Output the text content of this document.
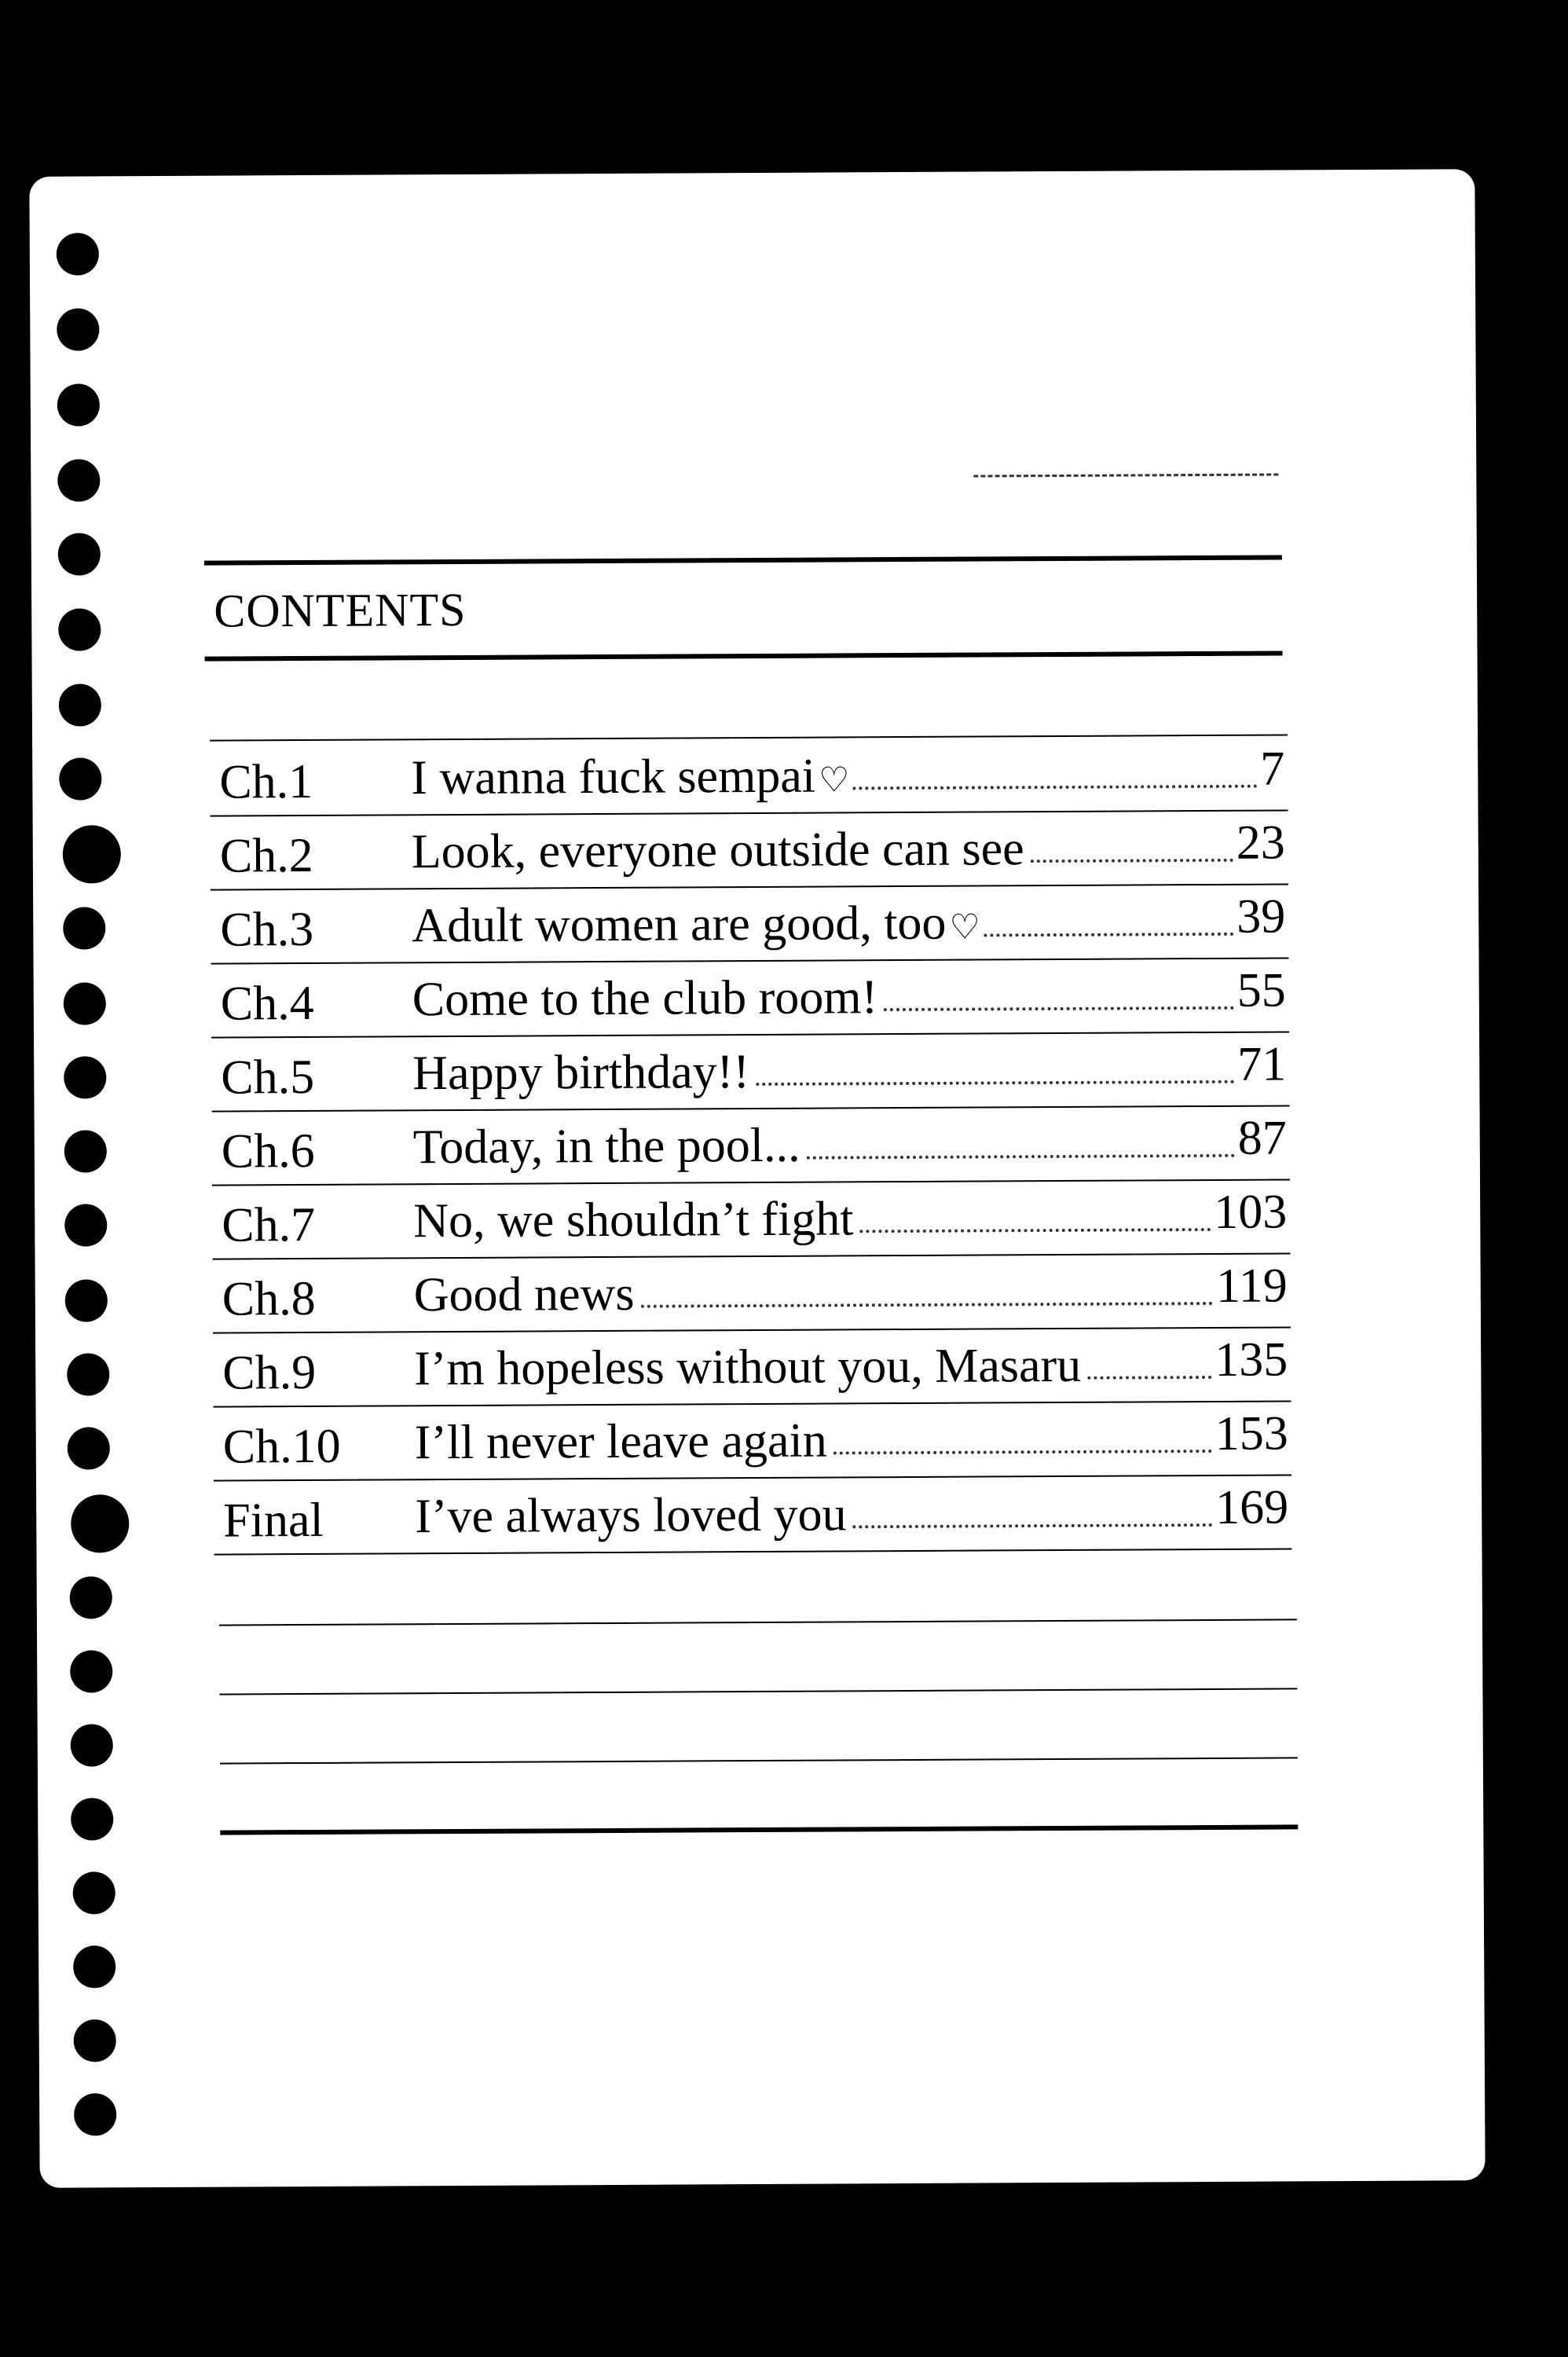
CONTENTS
Ch.1	I wanna fuck sempai♡	7
Ch.2	Look, everyone outside can see	23
Ch.3	Adult women are good, too♡	39
Ch.4	Come to the club room!	55
Ch.5	Happy birthday!!	71
Ch.6	Today, in the pool...	87
Ch.7	No, we shouldn’t fight	103
Ch.8	Good news	119
Ch.9	I’m hopeless without you, Masaru	135
Ch.10	I’ll never leave again	153
Final	I’ve always loved you	169
